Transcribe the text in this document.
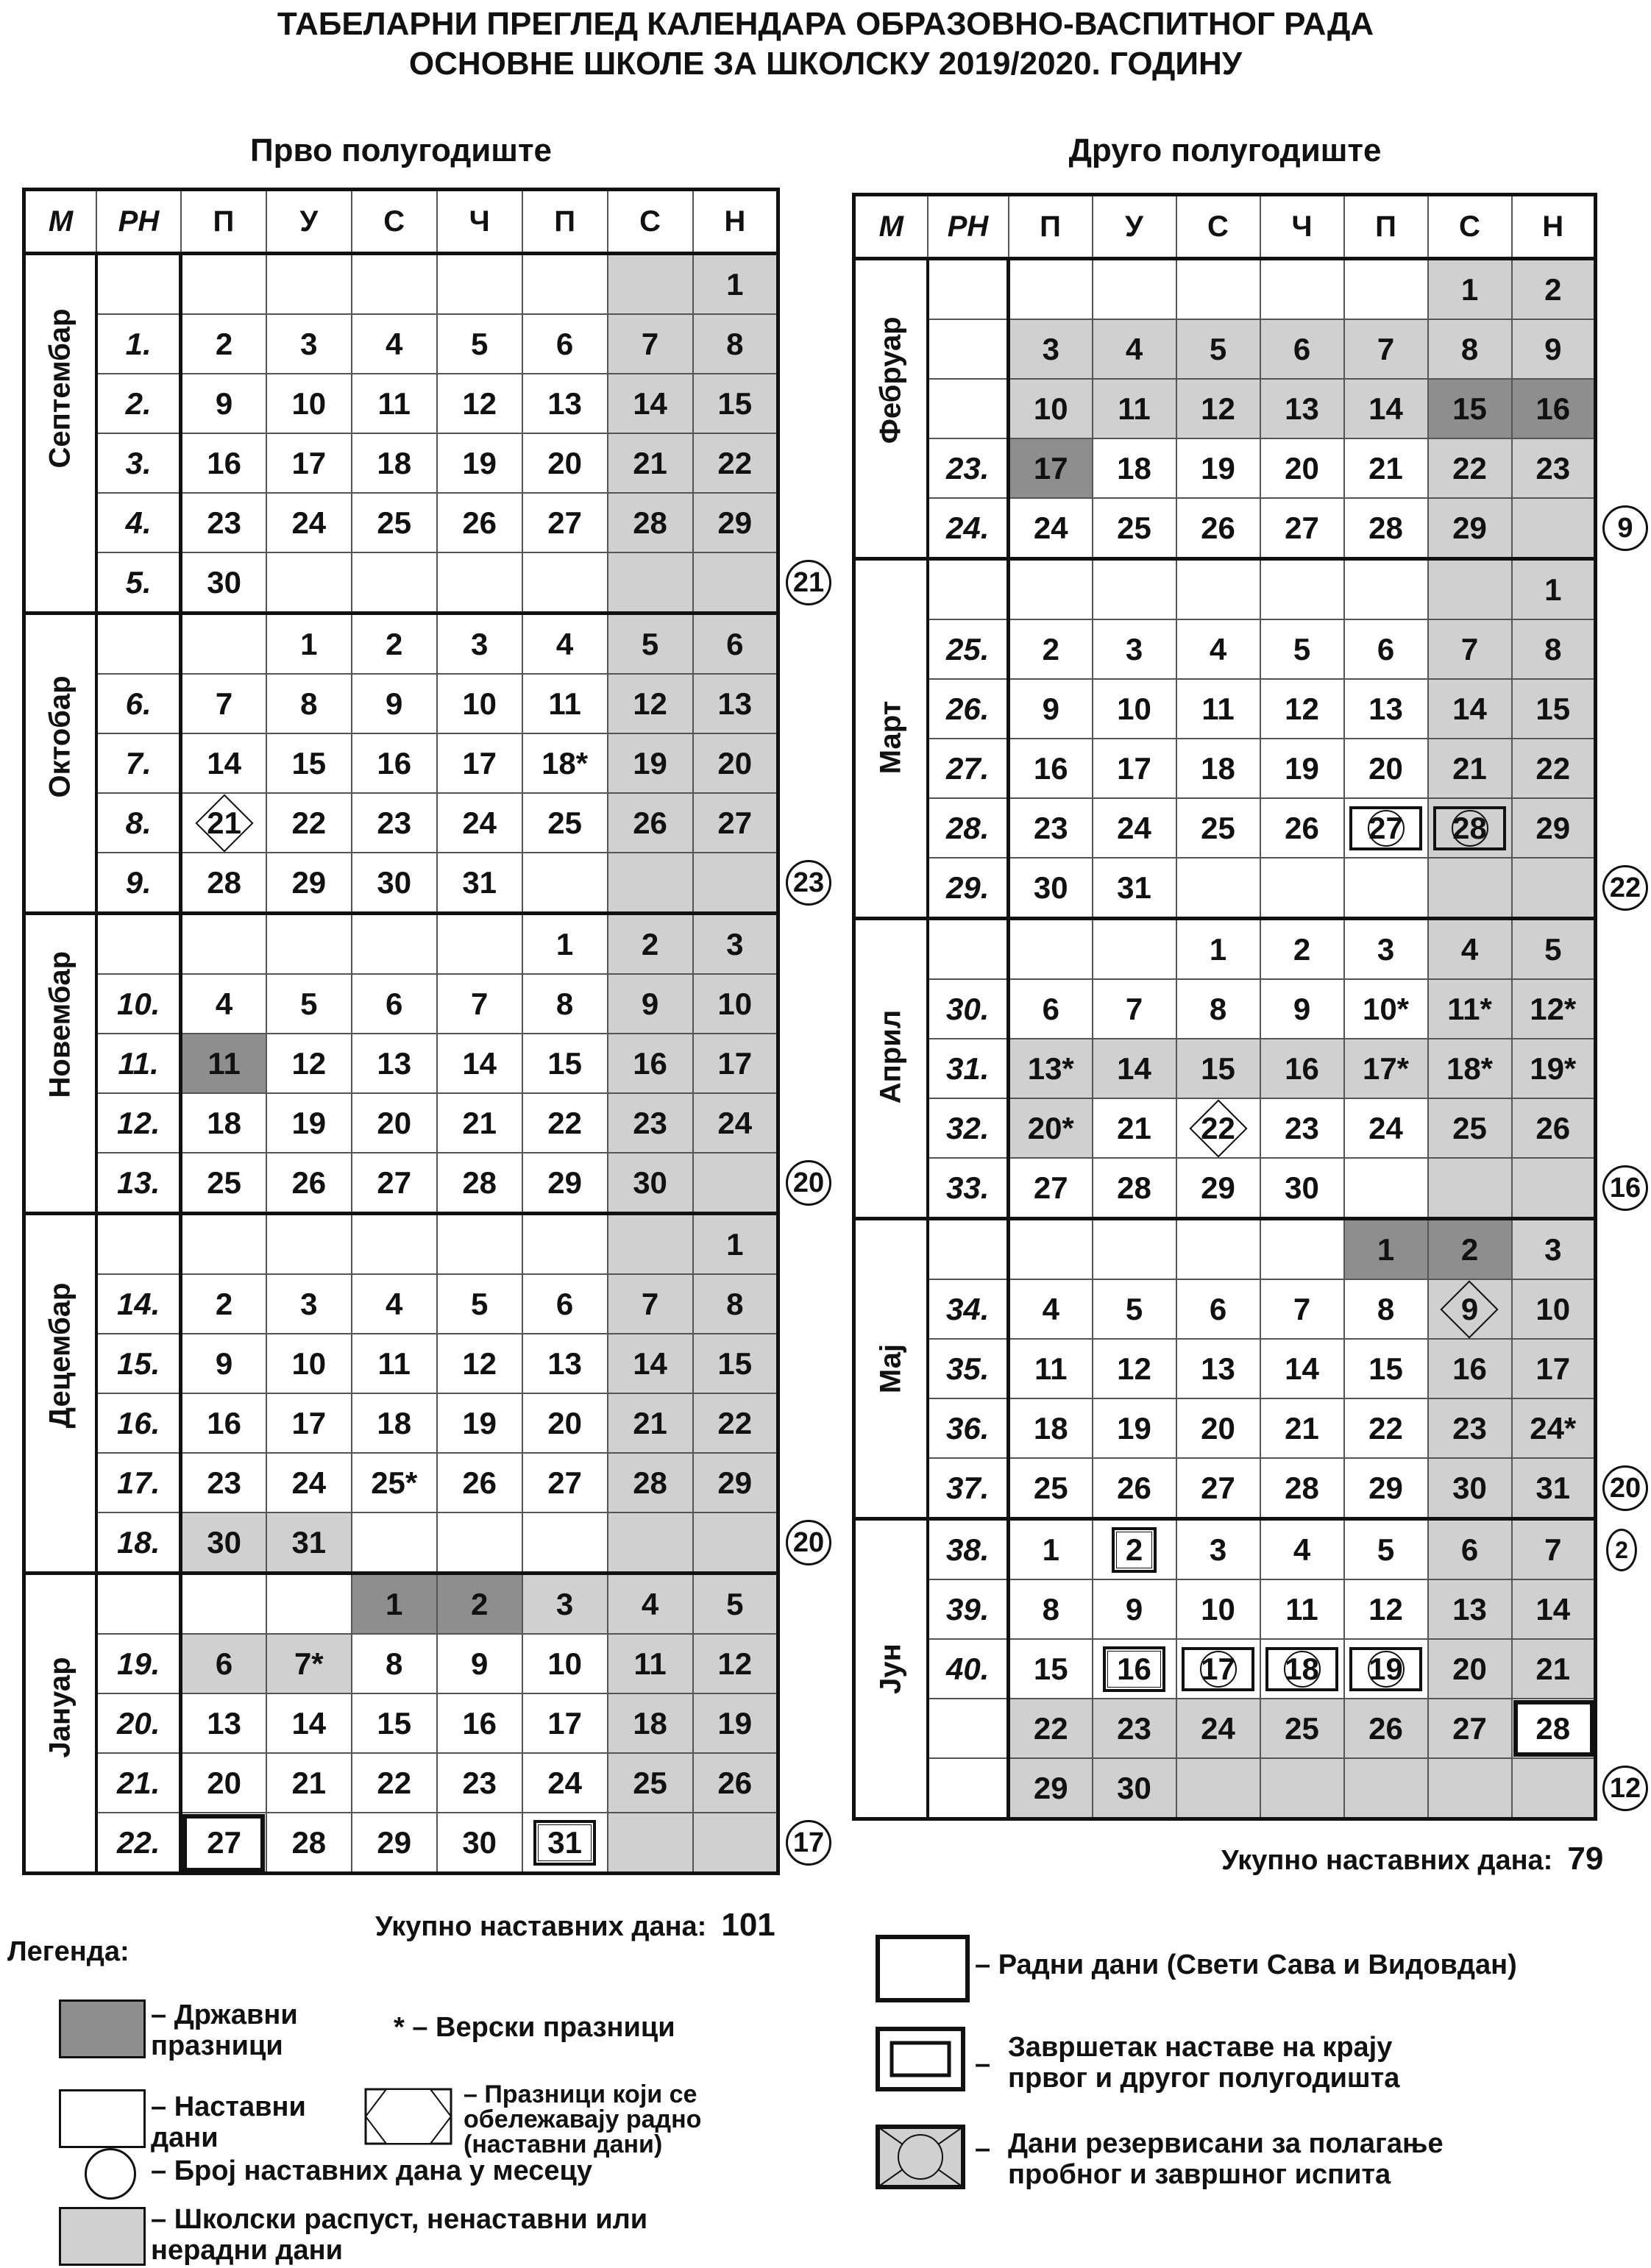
ТАБЕЛАРНИ ПРЕГЛЕД КАЛЕНДАРА ОБРАЗОВНО-ВАСПИТНОГ РАДА
ОСНОВНЕ ШКОЛЕ ЗА ШКОЛСКУ 2019/2020. ГОДИНУ
Прво полугодиште	Друго полугодиште
М	РН	П	У	С	Ч	П	С	Н

Септембар								1
	1.	2	3	4	5	6	7	8
	2.	9	10	11	12	13	14	15
	3.	16	17	18	19	20	21	22
	4.	23	24	25	26	27	28	29
	5.	30						

Октобар			1	2	3	4	5	6
	6.	7	8	9	10	11	12	13
	7.	14	15	16	17	18*	19	20
	8.	21	22	23	24	25	26	27
	9.	28	29	30	31			

Новембар						1	2	3
	10.	4	5	6	7	8	9	10
	11.	11	12	13	14	15	16	17
	12.	18	19	20	21	22	23	24
	13.	25	26	27	28	29	30	

Децембар								1
	14.	2	3	4	5	6	7	8
	15.	9	10	11	12	13	14	15
	16.	16	17	18	19	20	21	22
	17.	23	24	25*	26	27	28	29
	18.	30	31					

Јануар				1	2	3	4	5
	19.	6	7*	8	9	10	11	12
	20.	13	14	15	16	17	18	19
	21.	20	21	22	23	24	25	26
	22.	27	28	29	30	31		
М	РН	П	У	С	Ч	П	С	Н

Фебруар							1	2
		3	4	5	6	7	8	9
		10	11	12	13	14	15	16
	23.	17	18	19	20	21	22	23
	24.	24	25	26	27	28	29	

Март								1
	25.	2	3	4	5	6	7	8
	26.	9	10	11	12	13	14	15
	27.	16	17	18	19	20	21	22
	28.	23	24	25	26	27	28	29
	29.	30	31					

Април				1	2	3	4	5
	30.	6	7	8	9	10*	11*	12*
	31.	13*	14	15	16	17*	18*	19*
	32.	20*	21	22	23	24	25	26
	33.	27	28	29	30			

Мај						1	2	3
	34.	4	5	6	7	8	9	10
	35.	11	12	13	14	15	16	17
	36.	18	19	20	21	22	23	24*
	37.	25	26	27	28	29	30	31

Јун	38.	1	2	3	4	5	6	7
	39.	8	9	10	11	12	13	14
	40.	15	16	17	18	19	20	21
		22	23	24	25	26	27	28
		29	30					
21
23
20
20
17
9
22
16
20
12
2
Укупно наставних дана: 101
Укупно наставних дана: 79
Легенда:
– Државни празници
* – Верски празници
– Наставни дани
– Празници који се обележавају радно (наставни дани)
– Број наставних дана у месецу
– Школски распуст, ненаставни или нерадни дани
– Радни дани (Свети Сава и Видовдан)
–
Завршетак наставе на крају првог и другог полугодишта
– Дани резервисани за полагање пробног и завршног испита
